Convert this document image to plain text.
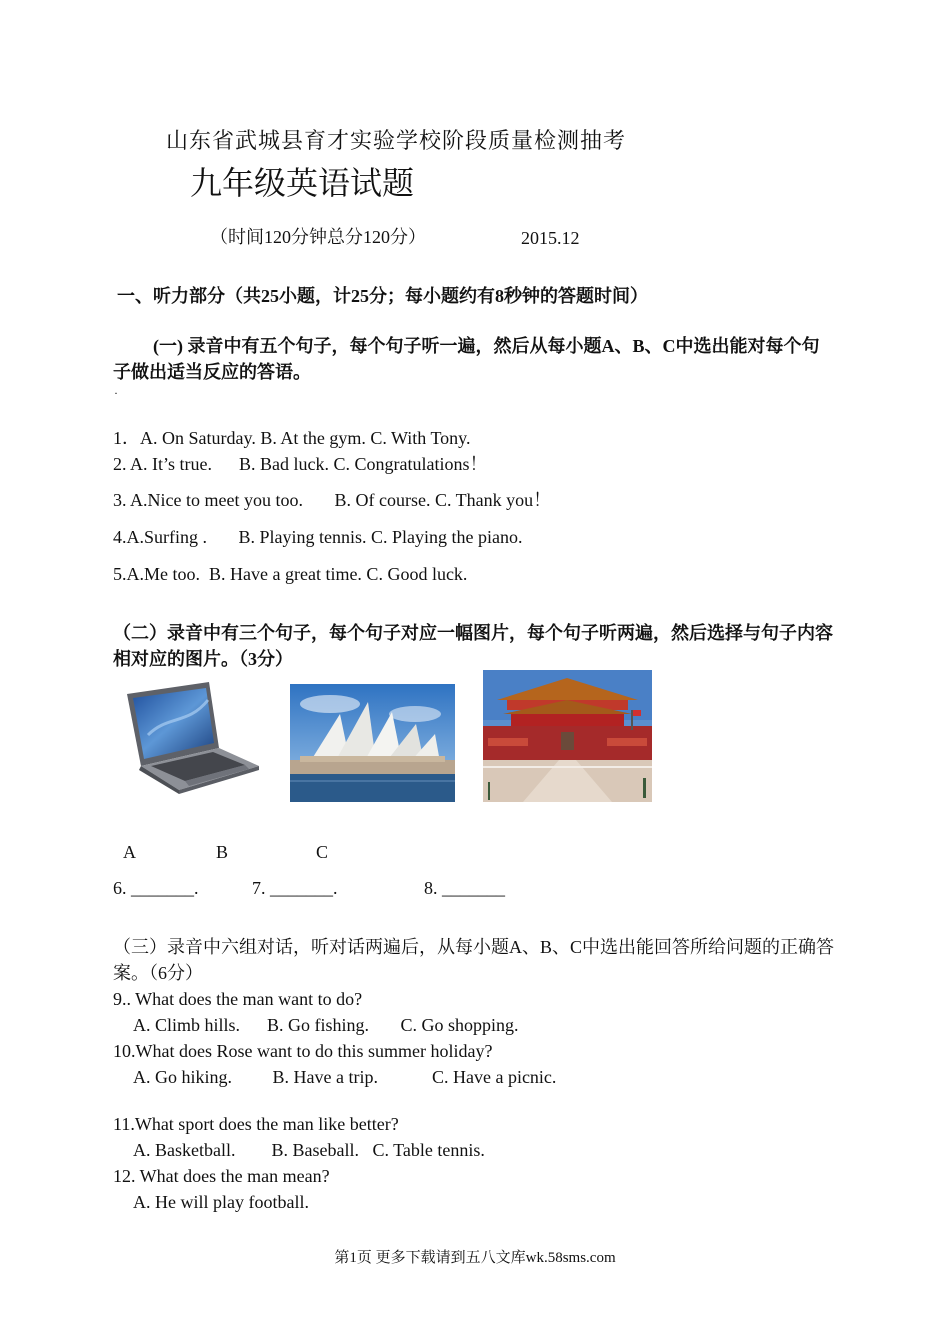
山东省武城县育才实验学校阶段质量检测抽考
九年级英语试题
（时间120分钟总分120分）	2015.12
一、听力部分（共25小题，计25分；每小题约有8秒钟的答题时间）
(一) 录音中有五个句子，每个句子听一遍，然后从每小题A、B、C中选出能对每个句子做出适当反应的答语。
·
1．A. On Saturday. B. At the gym. C. With Tony.
2. A. It’s true.      B. Bad luck. C. Congratulations！
3. A.Nice to meet you too.       B. Of course. C. Thank you！
4.A.Surfing .       B. Playing tennis. C. Playing the piano.
5.A.Me too.  B. Have a great time. C. Good luck.
（二）录音中有三个句子，每个句子对应一幅图片，每个句子听两遍，然后选择与句子内容相对应的图片。（3分）
A	B	C
6. _______.	7. _______.	8. _______
（三）录音中六组对话，听对话两遍后，从每小题A、B、C中选出能回答所给问题的正确答案。（6分）
9.. What does the man want to do?
A. Climb hills.      B. Go fishing.       C. Go shopping.
10.What does Rose want to do this summer holiday?
A. Go hiking.         B. Have a trip.            C. Have a picnic.
11.What sport does the man like better?
A. Basketball.        B. Baseball.   C. Table tennis.
12. What does the man mean?
A. He will play football.
第1页 更多下载请到五八文库wk.58sms.com
